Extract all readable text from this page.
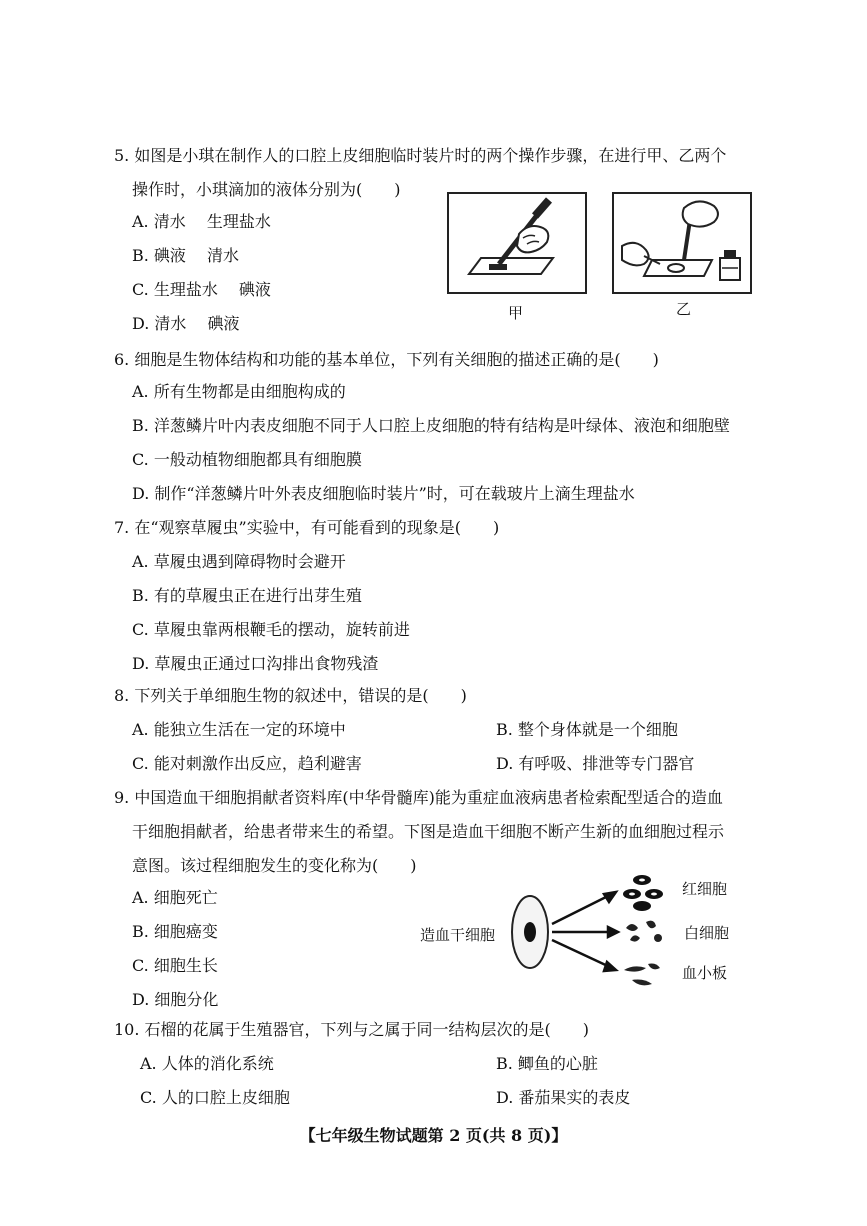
5. 如图是小琪在制作人的口腔上皮细胞临时装片时的两个操作步骤，在进行甲、乙两个
操作时，小琪滴加的液体分别为(　　)
A. 清水　 生理盐水
B. 碘液　 清水
C. 生理盐水　 碘液
D. 清水　 碘液
甲	乙
6. 细胞是生物体结构和功能的基本单位，下列有关细胞的描述正确的是(　　)
A. 所有生物都是由细胞构成的
B. 洋葱鳞片叶内表皮细胞不同于人口腔上皮细胞的特有结构是叶绿体、液泡和细胞壁
C. 一般动植物细胞都具有细胞膜
D. 制作“洋葱鳞片叶外表皮细胞临时装片”时，可在载玻片上滴生理盐水
7. 在“观察草履虫”实验中，有可能看到的现象是(　　)
A. 草履虫遇到障碍物时会避开
B. 有的草履虫正在进行出芽生殖
C. 草履虫靠两根鞭毛的摆动，旋转前进
D. 草履虫正通过口沟排出食物残渣
8. 下列关于单细胞生物的叙述中，错误的是(　　)
A. 能独立生活在一定的环境中	B. 整个身体就是一个细胞
C. 能对刺激作出反应，趋利避害	D. 有呼吸、排泄等专门器官
9. 中国造血干细胞捐献者资料库(中华骨髓库)能为重症血液病患者检索配型适合的造血
干细胞捐献者，给患者带来生的希望。下图是造血干细胞不断产生新的血细胞过程示
意图。该过程细胞发生的变化称为(　　)
A. 细胞死亡
B. 细胞癌变
C. 细胞生长
D. 细胞分化
造血干细胞
红细胞
白细胞
血小板
10. 石榴的花属于生殖器官，下列与之属于同一结构层次的是(　　)
A. 人体的消化系统	B. 鲫鱼的心脏
C. 人的口腔上皮细胞	D. 番茄果实的表皮
【七年级生物试题第 2 页(共 8 页)】
